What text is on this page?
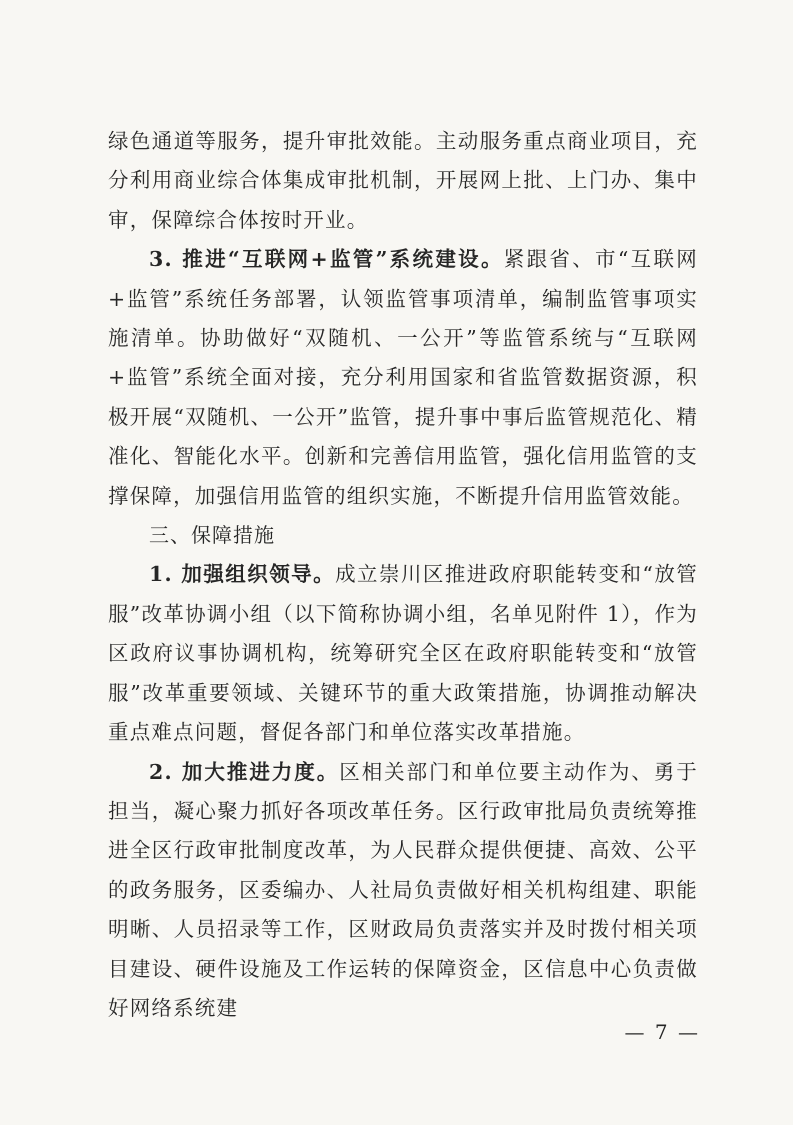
绿色通道等服务，提升审批效能。主动服务重点商业项目，充分利用商业综合体集成审批机制，开展网上批、上门办、集中审，保障综合体按时开业。

3. 推进“互联网+监管”系统建设。紧跟省、市“互联网+监管”系统任务部署，认领监管事项清单，编制监管事项实施清单。协助做好“双随机、一公开”等监管系统与“互联网+监管”系统全面对接，充分利用国家和省监管数据资源，积极开展“双随机、一公开”监管，提升事中事后监管规范化、精准化、智能化水平。创新和完善信用监管，强化信用监管的支撑保障，加强信用监管的组织实施，不断提升信用监管效能。

三、保障措施

1. 加强组织领导。成立崇川区推进政府职能转变和“放管服”改革协调小组（以下简称协调小组，名单见附件 1），作为区政府议事协调机构，统筹研究全区在政府职能转变和“放管服”改革重要领域、关键环节的重大政策措施，协调推动解决重点难点问题，督促各部门和单位落实改革措施。

2. 加大推进力度。区相关部门和单位要主动作为、勇于担当，凝心聚力抓好各项改革任务。区行政审批局负责统筹推进全区行政审批制度改革，为人民群众提供便捷、高效、公平的政务服务，区委编办、人社局负责做好相关机构组建、职能明晰、人员招录等工作，区财政局负责落实并及时拨付相关项目建设、硬件设施及工作运转的保障资金，区信息中心负责做好网络系统建

— 7 —
